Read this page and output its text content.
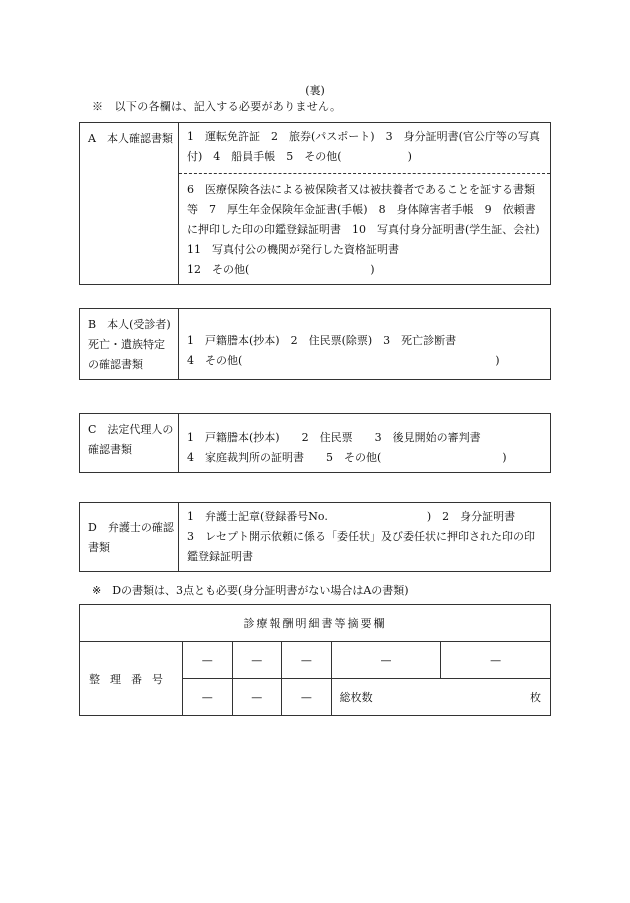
(裏)
※　以下の各欄は、記入する必要がありません。
A　本人確認書類	1　運転免許証　2　旅券(パスポート)　3　身分証明書(官公庁等の写真付)　4　船員手帳　5　その他(　　　　　　)
6　医療保険各法による被保険者又は被扶養者であることを証する書類等　7　厚生年金保険年金証書(手帳)　8　身体障害者手帳　9　依頼書に押印した印の印鑑登録証明書　10　写真付身分証明書(学生証、会社)　11　写真付公の機関が発行した資格証明書
12　その他(　　　　　　　　　　　)
B　本人(受診者)死亡・遺族特定の確認書類	
1　戸籍謄本(抄本)　2　住民票(除票)　3　死亡診断書
4　その他(　　　　　　　　　　　　　　　　　　　　　　　)
C　法定代理人の確認書類	
1　戸籍謄本(抄本)　　2　住民票　　3　後見開始の審判書
4　家庭裁判所の証明書　　5　その他(　　　　　　　　　　　)
D　弁護士の確認書類	
1　弁護士記章(登録番号No.　　　　　　　　　)　2　身分証明書
3　レセプト開示依頼に係る「委任状」及び委任状に押印された印の印鑑登録証明書
※　Dの書類は、3点とも必要(身分証明書がない場合はAの書類)
診療報酬明細書等摘要欄					
整理番号	—	—	—	—	—
	—	—	—	総枚数 枚	
